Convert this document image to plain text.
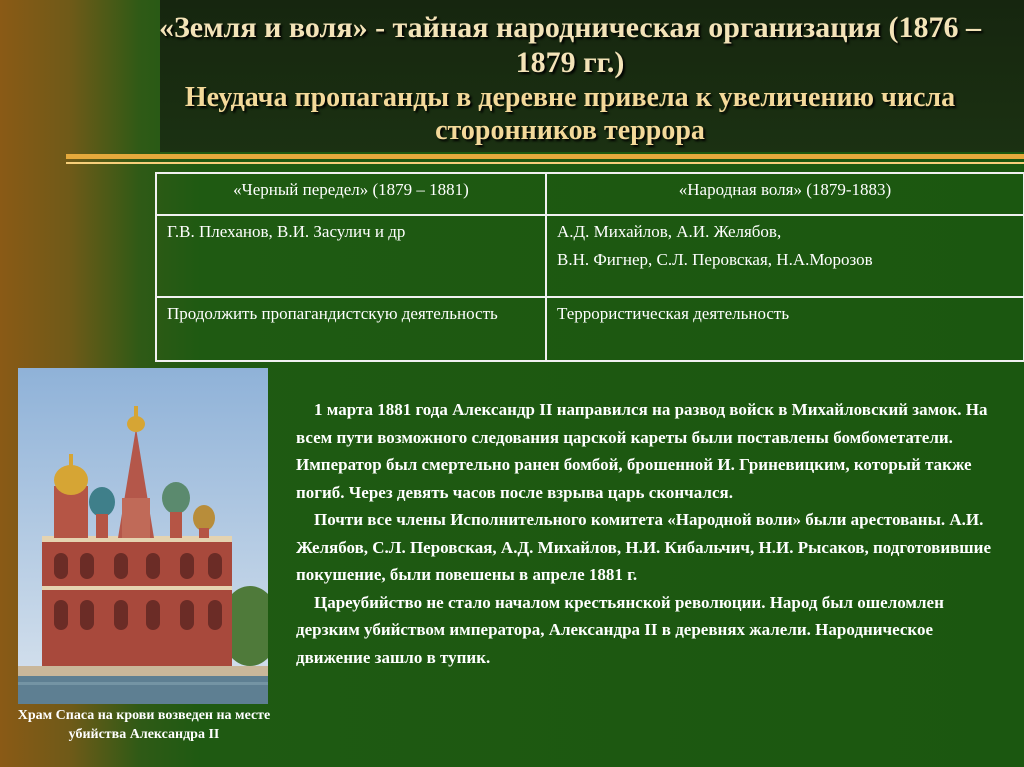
«Земля и воля» - тайная народническая организация (1876 – 1879 гг.)
Неудача пропаганды в деревне привела к увеличению числа сторонников террора
«Черный передел» (1879 – 1881)	«Народная воля» (1879-1883)
Г.В. Плеханов, В.И. Засулич и др	А.Д. Михайлов, А.И. Желябов,
В.Н. Фигнер, С.Л. Перовская, Н.А.Морозов

Продолжить пропагандистскую деятельность	Террористическая деятельность
Храм Спаса на крови возведен на месте убийства Александра II

1 марта 1881 года Александр II направился на развод войск в Михайловский замок. На всем пути возможного следования царской кареты были поставлены бомбометатели. Император был смертельно ранен бомбой, брошенной И. Гриневицким, который также погиб. Через девять часов после взрыва царь скончался.

Почти все члены Исполнительного комитета «Народной воли» были арестованы. А.И. Желябов, С.Л. Перовская, А.Д. Михайлов, Н.И. Кибальчич, Н.И. Рысаков, подготовившие покушение, были повешены в апреле 1881 г.

Цареубийство не стало началом крестьянской революции. Народ был ошеломлен дерзким убийством императора, Александра II в деревнях жалели. Народническое движение зашло в тупик.
